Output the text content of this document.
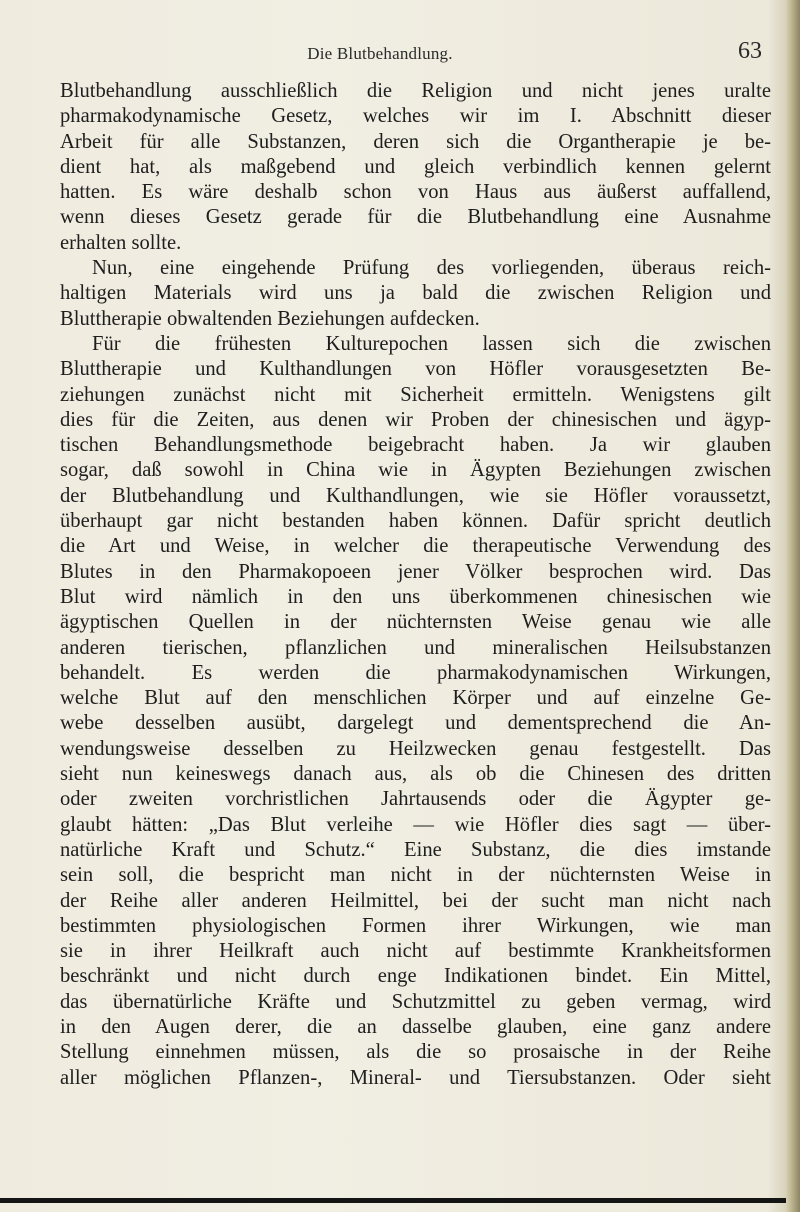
Die Blutbehandlung.	63
Blutbehandlung ausschließlich die Religion und nicht jenes uralte
pharmakodynamische Gesetz, welches wir im I. Abschnitt dieser
Arbeit für alle Substanzen, deren sich die Organtherapie je be-
dient hat, als maßgebend und gleich verbindlich kennen gelernt
hatten. Es wäre deshalb schon von Haus aus äußerst auffallend,
wenn dieses Gesetz gerade für die Blutbehandlung eine Ausnahme
erhalten sollte.
Nun, eine eingehende Prüfung des vorliegenden, überaus reich-
haltigen Materials wird uns ja bald die zwischen Religion und
Bluttherapie obwaltenden Beziehungen aufdecken.
Für die frühesten Kulturepochen lassen sich die zwischen
Bluttherapie und Kulthandlungen von Höfler vorausgesetzten Be-
ziehungen zunächst nicht mit Sicherheit ermitteln. Wenigstens gilt
dies für die Zeiten, aus denen wir Proben der chinesischen und ägyp-
tischen Behandlungsmethode beigebracht haben. Ja wir glauben
sogar, daß sowohl in China wie in Ägypten Beziehungen zwischen
der Blutbehandlung und Kulthandlungen, wie sie Höfler voraussetzt,
überhaupt gar nicht bestanden haben können. Dafür spricht deutlich
die Art und Weise, in welcher die therapeutische Verwendung des
Blutes in den Pharmakopoeen jener Völker besprochen wird. Das
Blut wird nämlich in den uns überkommenen chinesischen wie
ägyptischen Quellen in der nüchternsten Weise genau wie alle
anderen tierischen, pflanzlichen und mineralischen Heilsubstanzen
behandelt. Es werden die pharmakodynamischen Wirkungen,
welche Blut auf den menschlichen Körper und auf einzelne Ge-
webe desselben ausübt, dargelegt und dementsprechend die An-
wendungsweise desselben zu Heilzwecken genau festgestellt. Das
sieht nun keineswegs danach aus, als ob die Chinesen des dritten
oder zweiten vorchristlichen Jahrtausends oder die Ägypter ge-
glaubt hätten: „Das Blut verleihe — wie Höfler dies sagt — über-
natürliche Kraft und Schutz.“ Eine Substanz, die dies imstande
sein soll, die bespricht man nicht in der nüchternsten Weise in
der Reihe aller anderen Heilmittel, bei der sucht man nicht nach
bestimmten physiologischen Formen ihrer Wirkungen, wie man
sie in ihrer Heilkraft auch nicht auf bestimmte Krankheitsformen
beschränkt und nicht durch enge Indikationen bindet. Ein Mittel,
das übernatürliche Kräfte und Schutzmittel zu geben vermag, wird
in den Augen derer, die an dasselbe glauben, eine ganz andere
Stellung einnehmen müssen, als die so prosaische in der Reihe
aller möglichen Pflanzen-, Mineral- und Tiersubstanzen. Oder sieht
